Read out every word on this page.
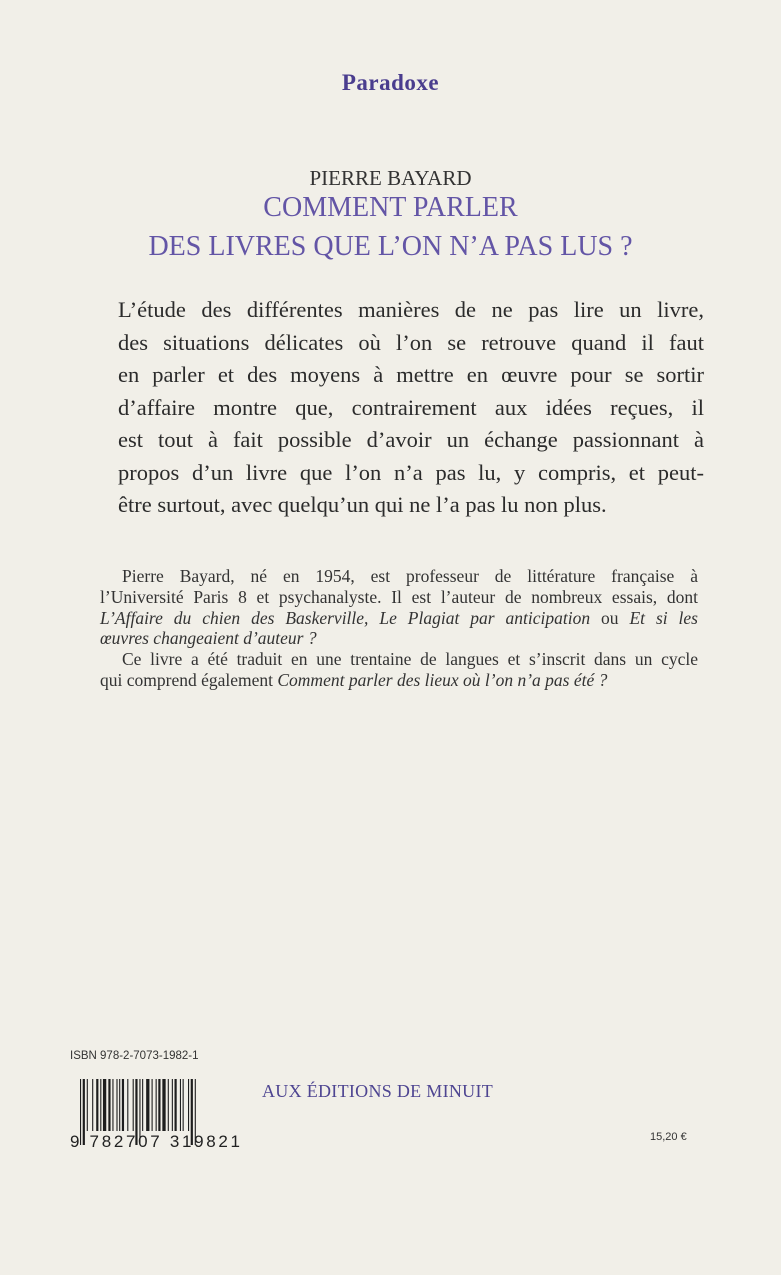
Paradoxe
PIERRE BAYARD
COMMENT PARLER
DES LIVRES QUE L’ON N’A PAS LUS ?
L’étude des différentes manières de ne pas lire un livre,
des situations délicates où l’on se retrouve quand il faut
en parler et des moyens à mettre en œuvre pour se sortir
d’affaire montre que, contrairement aux idées reçues, il
est tout à fait possible d’avoir un échange passionnant à
propos d’un livre que l’on n’a pas lu, y compris, et peut-
être surtout, avec quelqu’un qui ne l’a pas lu non plus.
Pierre Bayard, né en 1954, est professeur de littérature française à
l’Université Paris 8 et psychanalyste. Il est l’auteur de nombreux essais, dont
L’Affaire du chien des Baskerville, Le Plagiat par anticipation ou Et si les
œuvres changeaient d’auteur ?
Ce livre a été traduit en une trentaine de langues et s’inscrit dans un cycle
qui comprend également Comment parler des lieux où l’on n’a pas été ?
ISBN 978-2-7073-1982-1
9 782707 319821
AUX ÉDITIONS DE MINUIT
15,20 €
